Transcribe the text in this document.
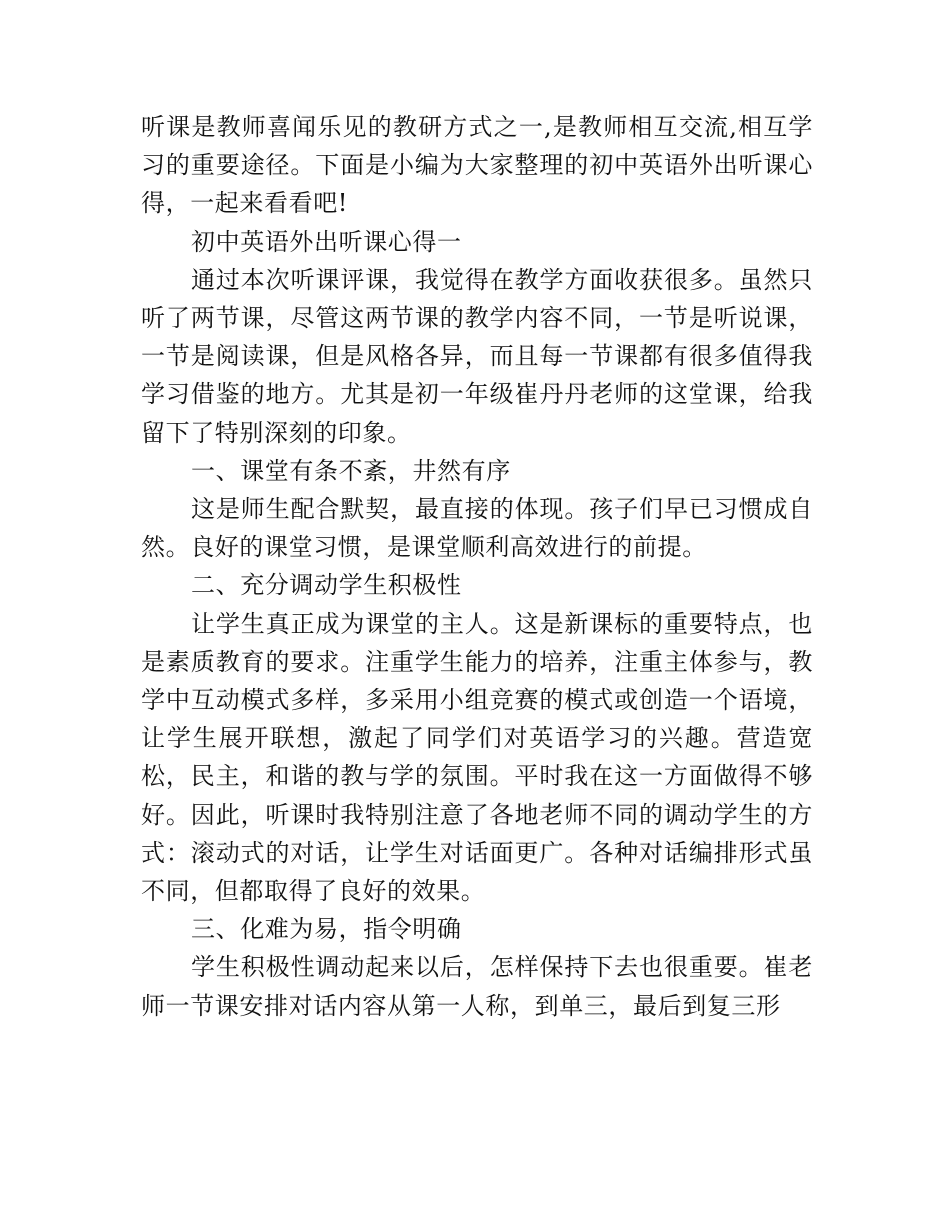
听课是教师喜闻乐见的教研方式之一,是教师相互交流,相互学习的重要途径。下面是小编为大家整理的初中英语外出听课心得，一起来看看吧!

初中英语外出听课心得一

通过本次听课评课，我觉得在教学方面收获很多。虽然只听了两节课，尽管这两节课的教学内容不同，一节是听说课，一节是阅读课，但是风格各异，而且每一节课都有很多值得我学习借鉴的地方。尤其是初一年级崔丹丹老师的这堂课，给我留下了特别深刻的印象。

一、课堂有条不紊，井然有序

这是师生配合默契，最直接的体现。孩子们早已习惯成自然。良好的课堂习惯，是课堂顺利高效进行的前提。

二、充分调动学生积极性

让学生真正成为课堂的主人。这是新课标的重要特点，也是素质教育的要求。注重学生能力的培养，注重主体参与，教学中互动模式多样，多采用小组竞赛的模式或创造一个语境，让学生展开联想，激起了同学们对英语学习的兴趣。营造宽松，民主，和谐的教与学的氛围。平时我在这一方面做得不够好。因此，听课时我特别注意了各地老师不同的调动学生的方式：滚动式的对话，让学生对话面更广。各种对话编排形式虽不同，但都取得了良好的效果。

三、化难为易，指令明确

学生积极性调动起来以后，怎样保持下去也很重要。崔老师一节课安排对话内容从第一人称，到单三，最后到复三形
